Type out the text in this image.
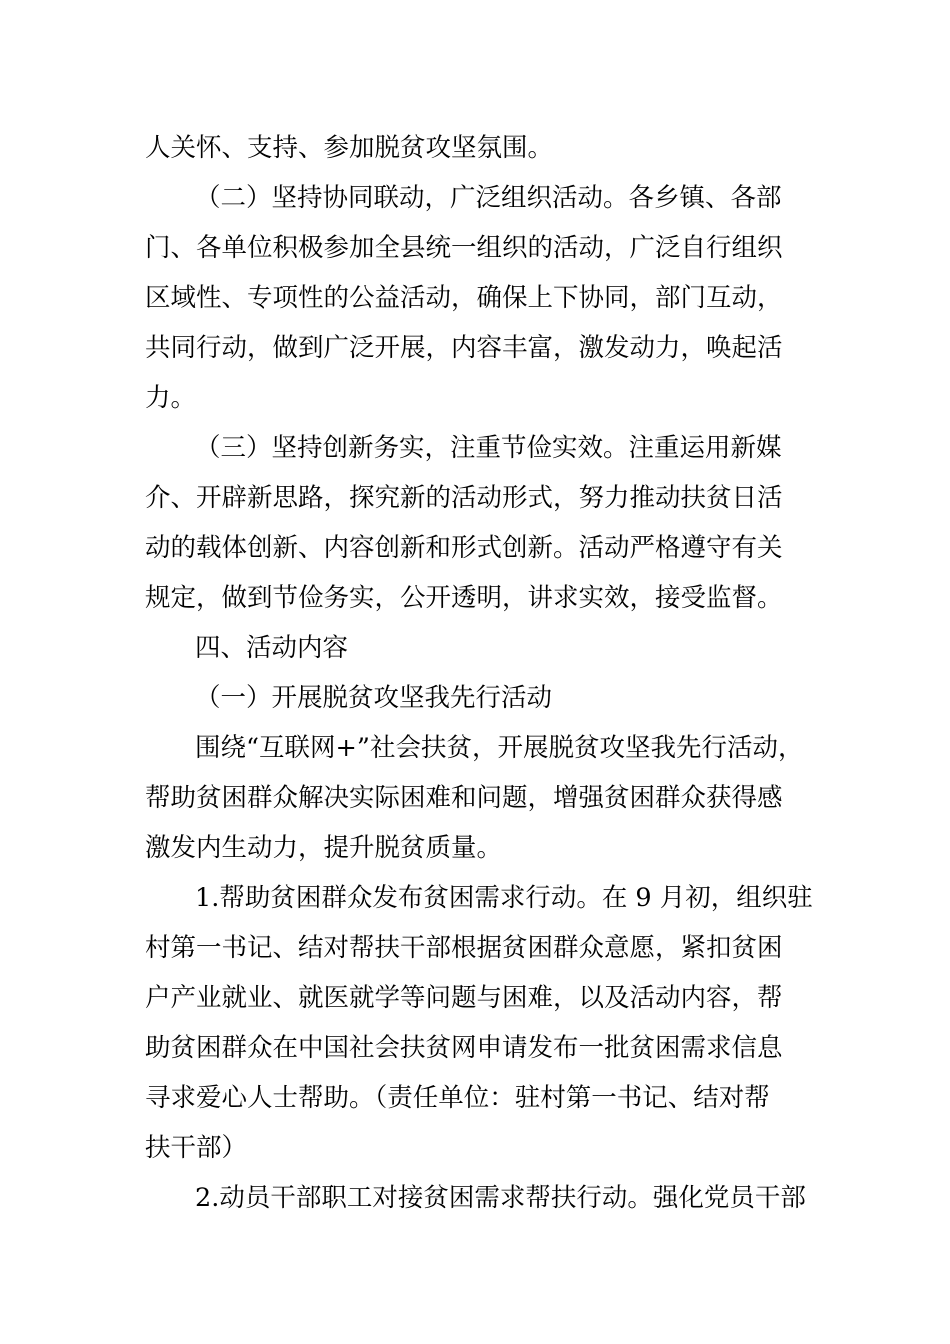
人关怀、支持、参加脱贫攻坚氛围。
（二）坚持协同联动，广泛组织活动。各乡镇、各部
门、各单位积极参加全县统一组织的活动，广泛自行组织
区域性、专项性的公益活动，确保上下协同，部门互动，
共同行动，做到广泛开展，内容丰富，激发动力，唤起活
力。
（三）坚持创新务实，注重节俭实效。注重运用新媒
介、开辟新思路，探究新的活动形式，努力推动扶贫日活
动的载体创新、内容创新和形式创新。活动严格遵守有关
规定，做到节俭务实，公开透明，讲求实效，接受监督。
四、活动内容
（一）开展脱贫攻坚我先行活动
围绕“互联网+”社会扶贫，开展脱贫攻坚我先行活动，
帮助贫困群众解决实际困难和问题，增强贫困群众获得感
激发内生动力，提升脱贫质量。
1.帮助贫困群众发布贫困需求行动。在 9 月初，组织驻
村第一书记、结对帮扶干部根据贫困群众意愿，紧扣贫困
户产业就业、就医就学等问题与困难，以及活动内容，帮
助贫困群众在中国社会扶贫网申请发布一批贫困需求信息
寻求爱心人士帮助。（责任单位：驻村第一书记、结对帮
扶干部）
2.动员干部职工对接贫困需求帮扶行动。强化党员干部
